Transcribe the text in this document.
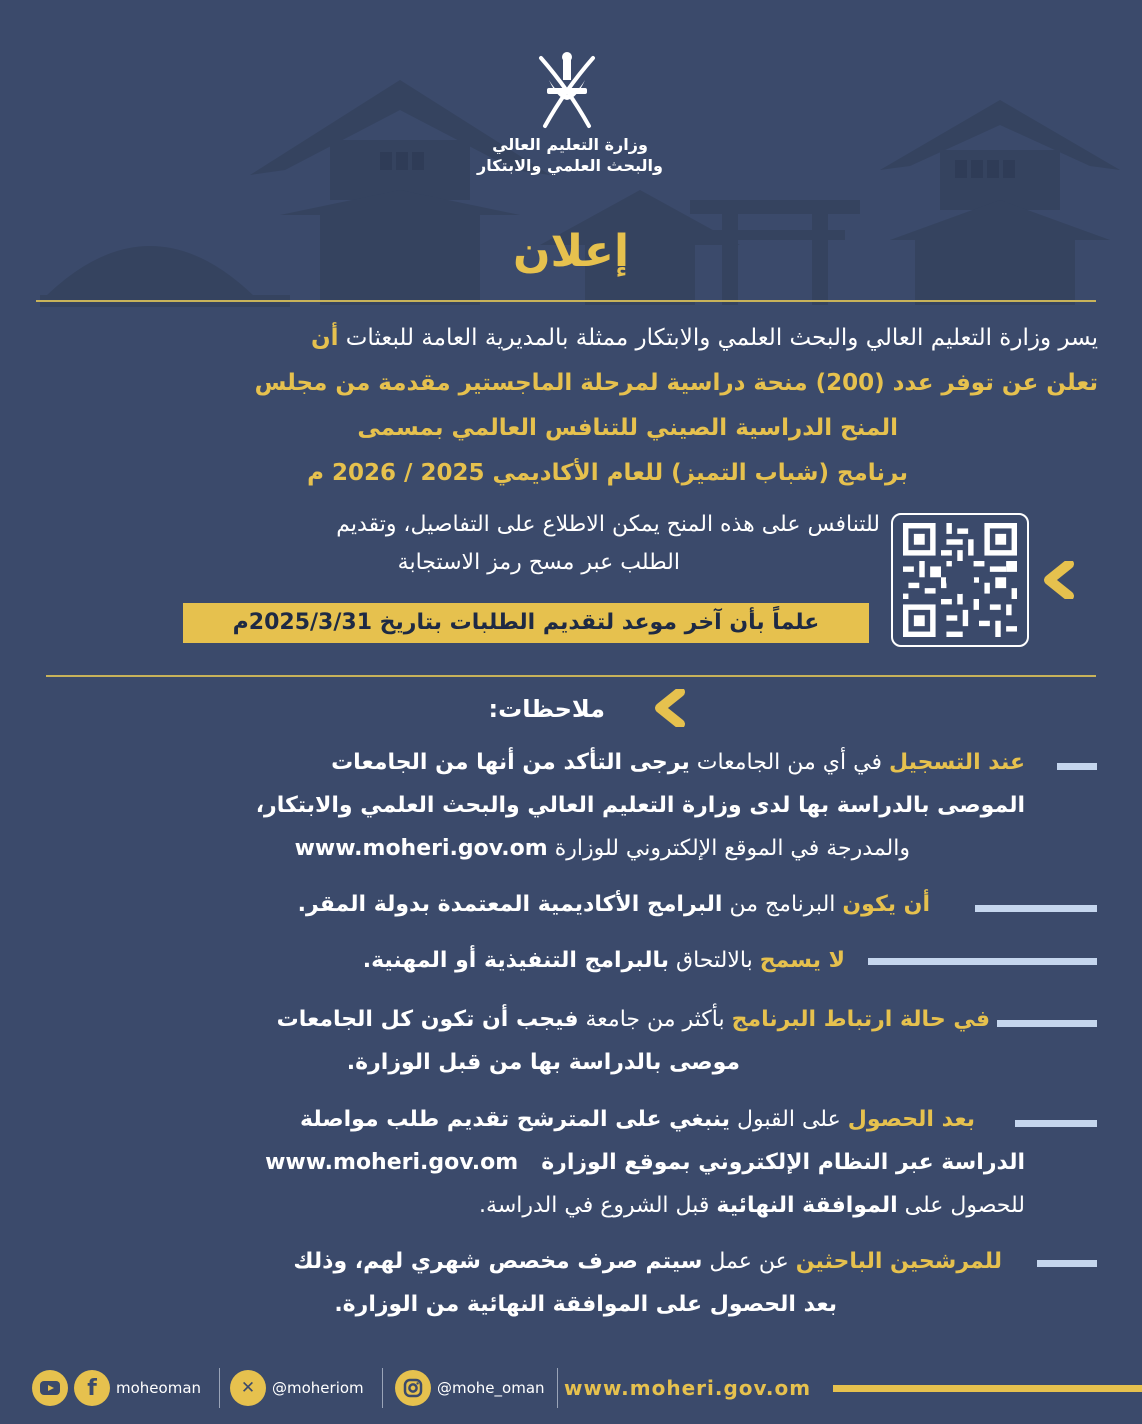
وزارة التعليم العالي
والبحث العلمي والابتكار
إعلان
يسر وزارة التعليم العالي والبحث العلمي والابتكار ممثلة بالمديرية العامة للبعثات أن
تعلن عن توفر عدد (200) منحة دراسية لمرحلة الماجستير مقدمة من مجلس
المنح الدراسية الصيني للتنافس العالمي بمسمى
برنامج (شباب التميز) للعام الأكاديمي 2025 / 2026 م
للتنافس على هذه المنح يمكن الاطلاع على التفاصيل، وتقديم
الطلب عبر مسح رمز الاستجابة
علماً بأن آخر موعد لتقديم الطلبات بتاريخ 2025/3/31م
ملاحظات:
عند التسجيل في أي من الجامعات يرجى التأكد من أنها من الجامعات
الموصى بالدراسة بها لدى وزارة التعليم العالي والبحث العلمي والابتكار،
والمدرجة في الموقع الإلكتروني للوزارة www.moheri.gov.om
أن يكون البرنامج من البرامج الأكاديمية المعتمدة بدولة المقر.
لا يسمح بالالتحاق بالبرامج التنفيذية أو المهنية.
في حالة ارتباط البرنامج بأكثر من جامعة فيجب أن تكون كل الجامعات
موصى بالدراسة بها من قبل الوزارة.
بعد الحصول على القبول ينبغي على المترشح تقديم طلب مواصلة
الدراسة عبر النظام الإلكتروني بموقع الوزارة   www.moheri.gov.om
للحصول على الموافقة النهائية قبل الشروع في الدراسة.
للمرشحين الباحثين عن عمل سيتم صرف مخصص شهري لهم، وذلك
بعد الحصول على الموافقة النهائية من الوزارة.
f	moheoman	✕	@moheriom	@mohe_oman www.moheri.gov.om
